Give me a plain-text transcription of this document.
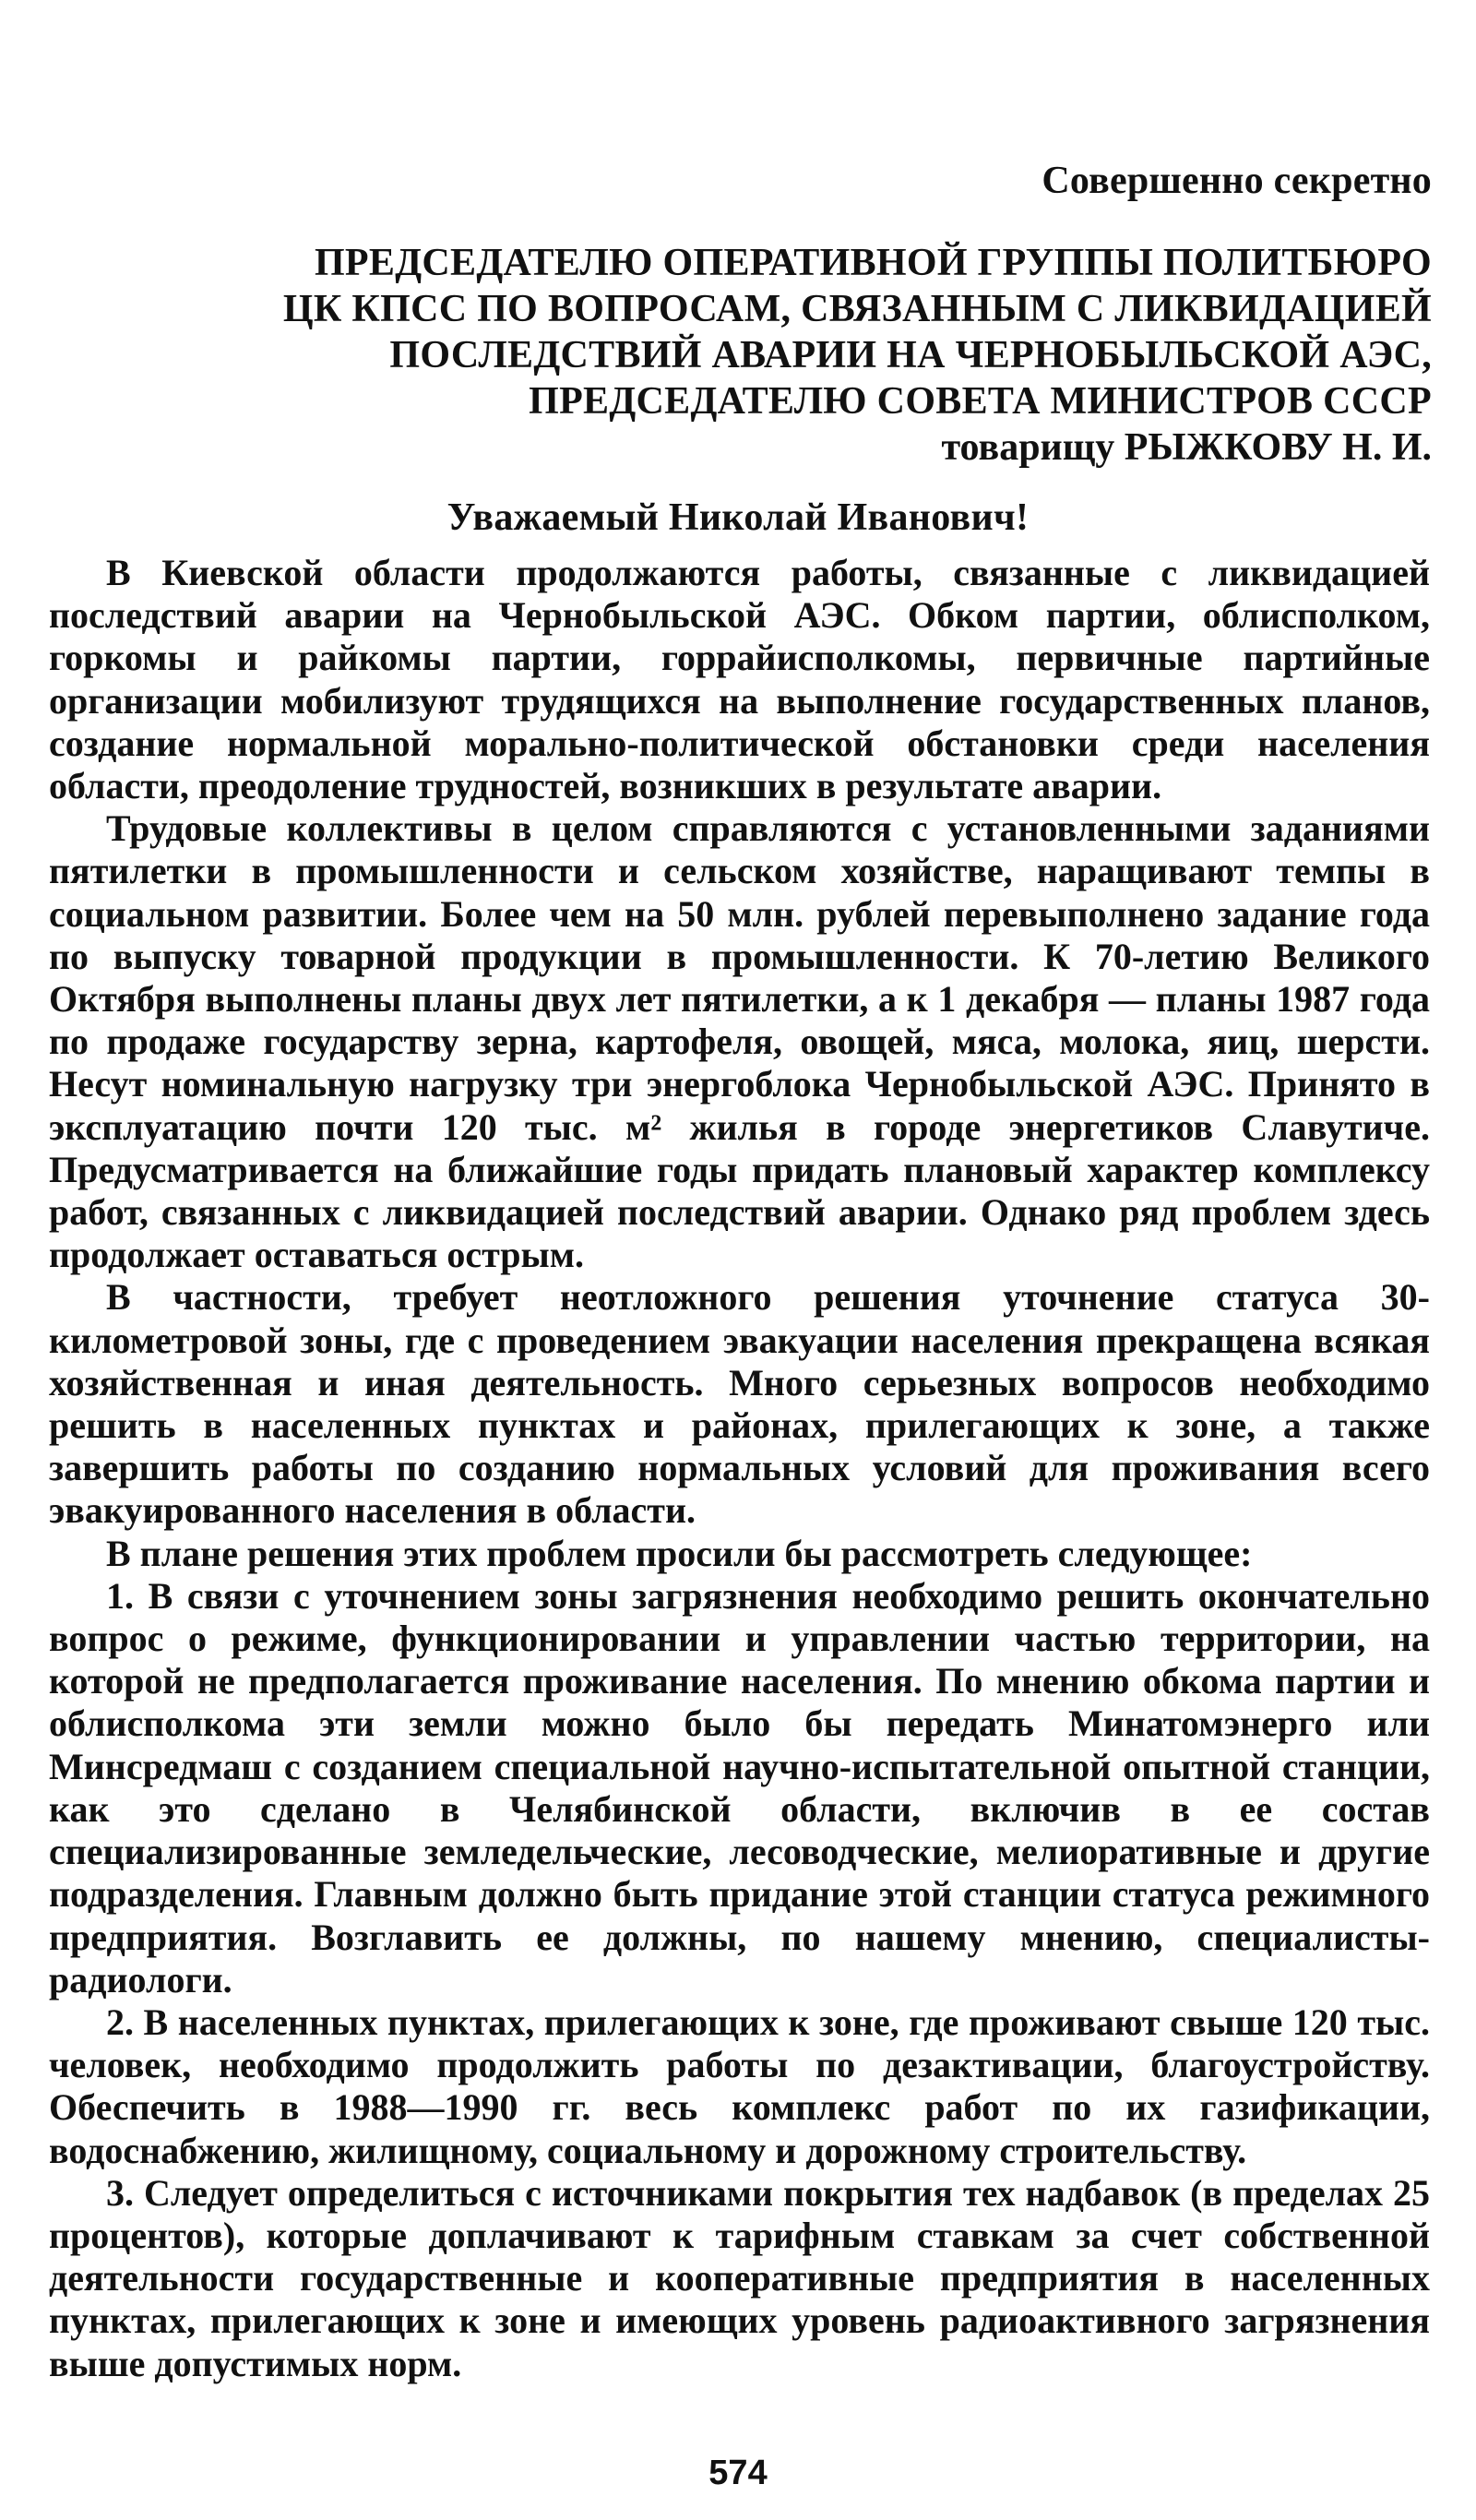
Совершенно секретно
ПРЕДСЕДАТЕЛЮ ОПЕРАТИВНОЙ ГРУППЫ ПОЛИТБЮРО
ЦК КПСС ПО ВОПРОСАМ, СВЯЗАННЫМ С ЛИКВИДАЦИЕЙ
ПОСЛЕДСТВИЙ АВАРИИ НА ЧЕРНОБЫЛЬСКОЙ АЭС,
ПРЕДСЕДАТЕЛЮ СОВЕТА МИНИСТРОВ СССР
товарищу РЫЖКОВУ Н. И.
Уважаемый Николай Иванович!

В Киевской области продолжаются работы, связанные с ликвидацией последствий аварии на Чернобыльской АЭС. Обком партии, облисполком, горкомы и райкомы партии, горрайисполкомы, первичные партийные организации мобилизуют трудящихся на выполнение государственных планов, создание нормальной морально-политической обстановки среди населения области, преодоление трудностей, возникших в результате аварии.

Трудовые коллективы в целом справляются с установленными заданиями пятилетки в промышленности и сельском хозяйстве, наращивают темпы в социальном развитии. Более чем на 50 млн. рублей перевыполнено задание года по выпуску товарной продукции в промышленности. К 70-летию Великого Октября выполнены планы двух лет пятилетки, а к 1 декабря — планы 1987 года по продаже государству зерна, картофеля, овощей, мяса, молока, яиц, шерсти. Несут номинальную нагрузку три энергоблока Чернобыльской АЭС. Принято в эксплуатацию почти 120 тыс. м² жилья в городе энергетиков Славутиче. Предусматривается на ближайшие годы придать плановый характер комплексу работ, связанных с ликвидацией последствий аварии. Однако ряд проблем здесь продолжает оставаться острым.

В частности, требует неотложного решения уточнение статуса 30-километровой зоны, где с проведением эвакуации населения прекращена всякая хозяйственная и иная деятельность. Много серьезных вопросов необходимо решить в населенных пунктах и районах, прилегающих к зоне, а также завершить работы по созданию нормальных условий для проживания всего эвакуированного населения в области.

В плане решения этих проблем просили бы рассмотреть следующее:

1. В связи с уточнением зоны загрязнения необходимо решить окончательно вопрос о режиме, функционировании и управлении частью территории, на которой не предполагается проживание населения. По мнению обкома партии и облисполкома эти земли можно было бы передать Минатомэнерго или Минсредмаш с созданием специальной научно-испытательной опытной станции, как это сделано в Челябинской области, включив в ее состав специализированные земледельческие, лесоводческие, мелиоративные и другие подразделения. Главным должно быть придание этой станции статуса режимного предприятия. Возглавить ее должны, по нашему мнению, специалисты-радиологи.

2. В населенных пунктах, прилегающих к зоне, где проживают свыше 120 тыс. человек, необходимо продолжить работы по дезактивации, благоустройству. Обеспечить в 1988—1990 гг. весь комплекс работ по их газификации, водоснабжению, жилищному, социальному и дорожному строительству.

3. Следует определиться с источниками покрытия тех надбавок (в пределах 25 процентов), которые доплачивают к тарифным ставкам за счет собственной деятельности государственные и кооперативные предприятия в населенных пунктах, прилегающих к зоне и имеющих уровень радиоактивного загрязнения выше допустимых норм.

574
